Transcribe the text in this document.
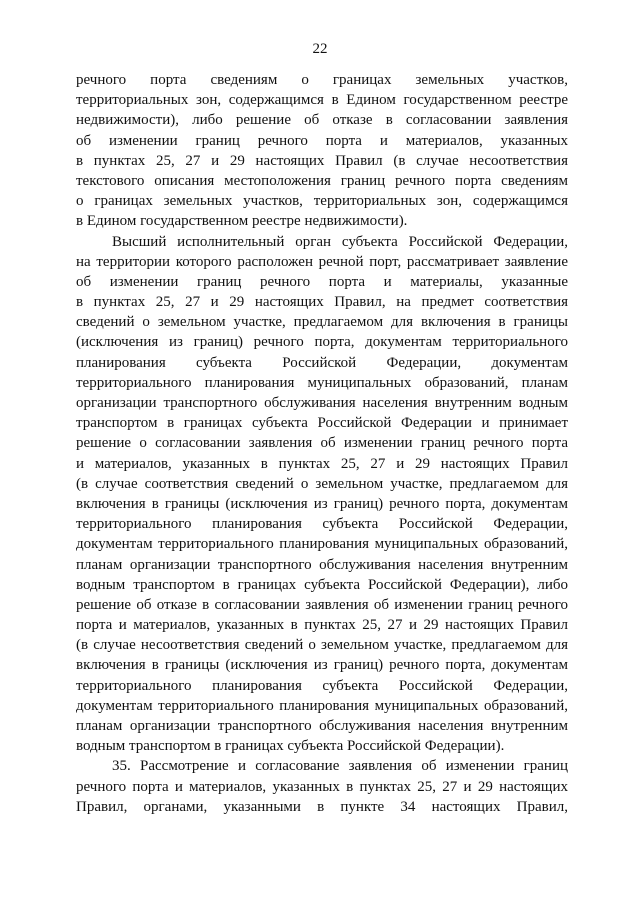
22
речного порта сведениям о границах земельных участков,
территориальных зон, содержащимся в Едином государственном реестре
недвижимости), либо решение об отказе в согласовании заявления
об изменении границ речного порта и материалов, указанных
в пунктах 25, 27 и 29 настоящих Правил (в случае несоответствия
текстового описания местоположения границ речного порта сведениям
о границах земельных участков, территориальных зон, содержащимся
в Едином государственном реестре недвижимости).
Высший исполнительный орган субъекта Российской Федерации,
на территории которого расположен речной порт, рассматривает заявление
об изменении границ речного порта и материалы, указанные
в пунктах 25, 27 и 29 настоящих Правил, на предмет соответствия
сведений о земельном участке, предлагаемом для включения в границы
(исключения из границ) речного порта, документам территориального
планирования субъекта Российской Федерации, документам
территориального планирования муниципальных образований, планам
организации транспортного обслуживания населения внутренним водным
транспортом в границах субъекта Российской Федерации и принимает
решение о согласовании заявления об изменении границ речного порта
и материалов, указанных в пунктах 25, 27 и 29 настоящих Правил
(в случае соответствия сведений о земельном участке, предлагаемом для
включения в границы (исключения из границ) речного порта, документам
территориального планирования субъекта Российской Федерации,
документам территориального планирования муниципальных образований,
планам организации транспортного обслуживания населения внутренним
водным транспортом в границах субъекта Российской Федерации), либо
решение об отказе в согласовании заявления об изменении границ речного
порта и материалов, указанных в пунктах 25, 27 и 29 настоящих Правил
(в случае несоответствия сведений о земельном участке, предлагаемом для
включения в границы (исключения из границ) речного порта, документам
территориального планирования субъекта Российской Федерации,
документам территориального планирования муниципальных образований,
планам организации транспортного обслуживания населения внутренним
водным транспортом в границах субъекта Российской Федерации).
35. Рассмотрение и согласование заявления об изменении границ
речного порта и материалов, указанных в пунктах 25, 27 и 29 настоящих
Правил, органами, указанными в пункте 34 настоящих Правил,
